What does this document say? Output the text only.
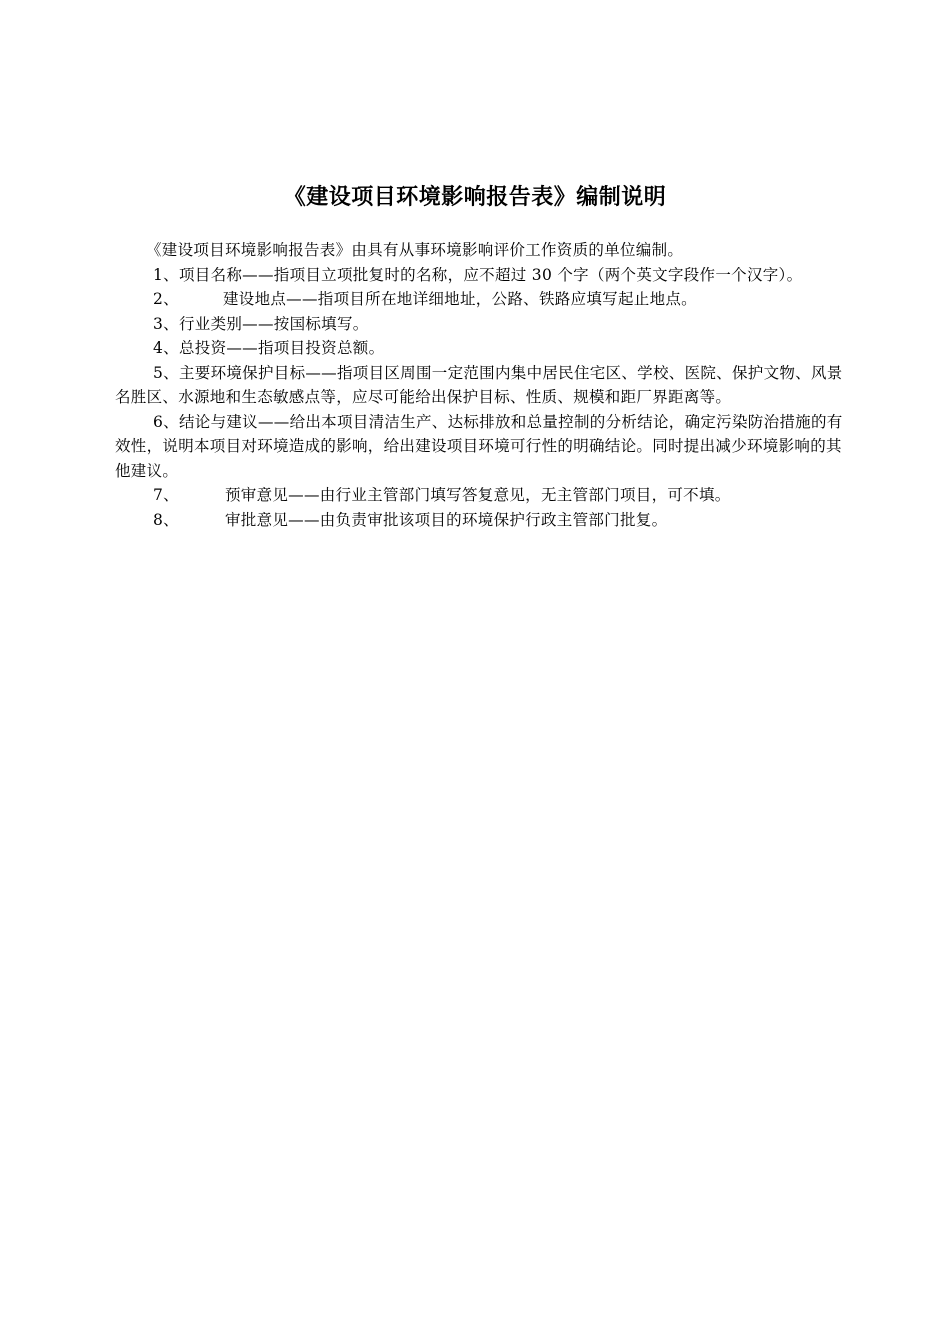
《建设项目环境影响报告表》编制说明

《建设项目环境影响报告表》由具有从事环境影响评价工作资质的单位编制。

1、项目名称——指项目立项批复时的名称，应不超过 30 个字（两个英文字段作一个汉字）。

2、	建设地点——指项目所在地详细地址，公路、铁路应填写起止地点。

3、行业类别——按国标填写。

4、总投资——指项目投资总额。

5、主要环境保护目标——指项目区周围一定范围内集中居民住宅区、学校、医院、保护文物、风景名胜区、水源地和生态敏感点等，应尽可能给出保护目标、性质、规模和距厂界距离等。

6、结论与建议——给出本项目清洁生产、达标排放和总量控制的分析结论，确定污染防治措施的有效性，说明本项目对环境造成的影响，给出建设项目环境可行性的明确结论。同时提出减少环境影响的其他建议。

7、	预审意见——由行业主管部门填写答复意见，无主管部门项目，可不填。

8、	审批意见——由负责审批该项目的环境保护行政主管部门批复。
